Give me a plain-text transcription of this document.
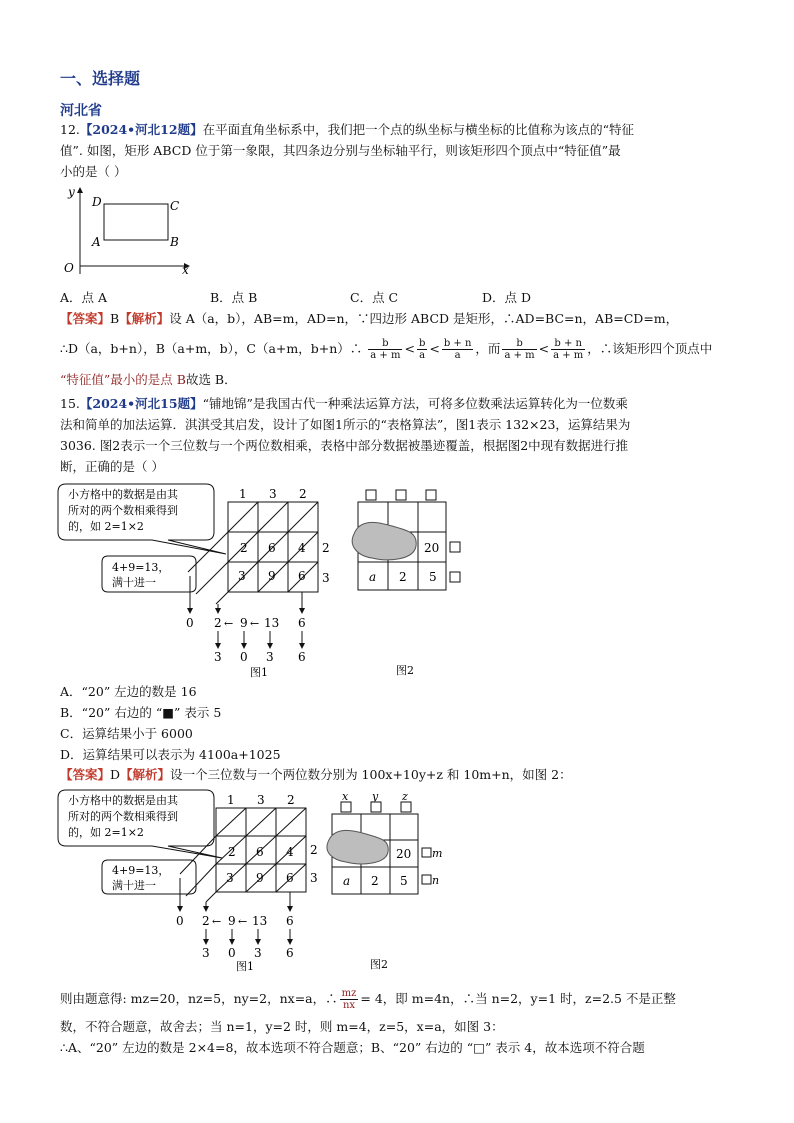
一、选择题
河北省
12.【2024•河北12题】在平面直角坐标系中，我们把一个点的纵坐标与横坐标的比值称为该点的“特征
值”. 如图，矩形 ABCD 位于第一象限，其四条边分别与坐标轴平行，则该矩形四个顶点中“特征值”最
小的是（ ）
x
y
O
A	B
C
D
A．点 A	B．点 B	C．点 C	D．点 D
【答案】B【解析】设 A（a，b），AB=m，AD=n，∵四边形 ABCD 是矩形，∴AD=BC=n，AB=CD=m，
∴D（a，b+n），B（a+m，b），C（a+m，b+n）∴ $\frac{b}{a + m} < \frac{b}{a} < \frac{b + n}{a}$ ，而 $\frac{b}{a + m} < \frac{b + n}{a + m}$ ，∴该矩形四个顶点中
“特征值”最小的是点 B故选 B．
15.【2024•河北15题】“铺地锦”是我国古代一种乘法运算方法，可将多位数乘法运算转化为一位数乘
法和简单的加法运算．淇淇受其启发，设计了如图1所示的“表格算法”，图1表示 132×23，运算结果为
3036. 图2表示一个三位数与一个两位数相乘，表格中部分数据被墨迹覆盖，根据图2中现有数据进行推
断，正确的是（ ）
小方格中的数据是由其
所对的两个数相乘得到
的，如 2=1×2
4+9=13，
满十进一
1 3 2
2
3
2 6 4
3 9 6
0 2 ← 9 ← 13 6
3 0 3 6
图1
20
a 2 5
图2
A．“20” 左边的数是 16
B．“20” 右边的 “■” 表示 5
C．运算结果小于 6000
D．运算结果可以表示为 4100a+1025
【答案】D【解析】设一个三位数与一个两位数分别为 100x+10y+z 和 10m+n，如图 2：
小方格中的数据是由其
所对的两个数相乘得到
的，如 2=1×2
4+9=13，
满十进一
1 3 2
2
3
2 6 4
3 9 6
0 2 ← 9 ← 13 6
3 0 3 6
图1
x y z
20
a 2 5
m
n
图2
则由题意得: mz=20，nz=5，ny=2，nx=a，∴ $\frac{mz}{nx} = 4$，即 m=4n，∴当 n=2，y=1 时，z=2.5 不是正整
数，不符合题意，故舍去；当 n=1，y=2 时，则 m=4，z=5，x=a，如图 3：
∴A、“20” 左边的数是 2×4=8，故本选项不符合题意；B、“20” 右边的 “□” 表示 4，故本选项不符合题
